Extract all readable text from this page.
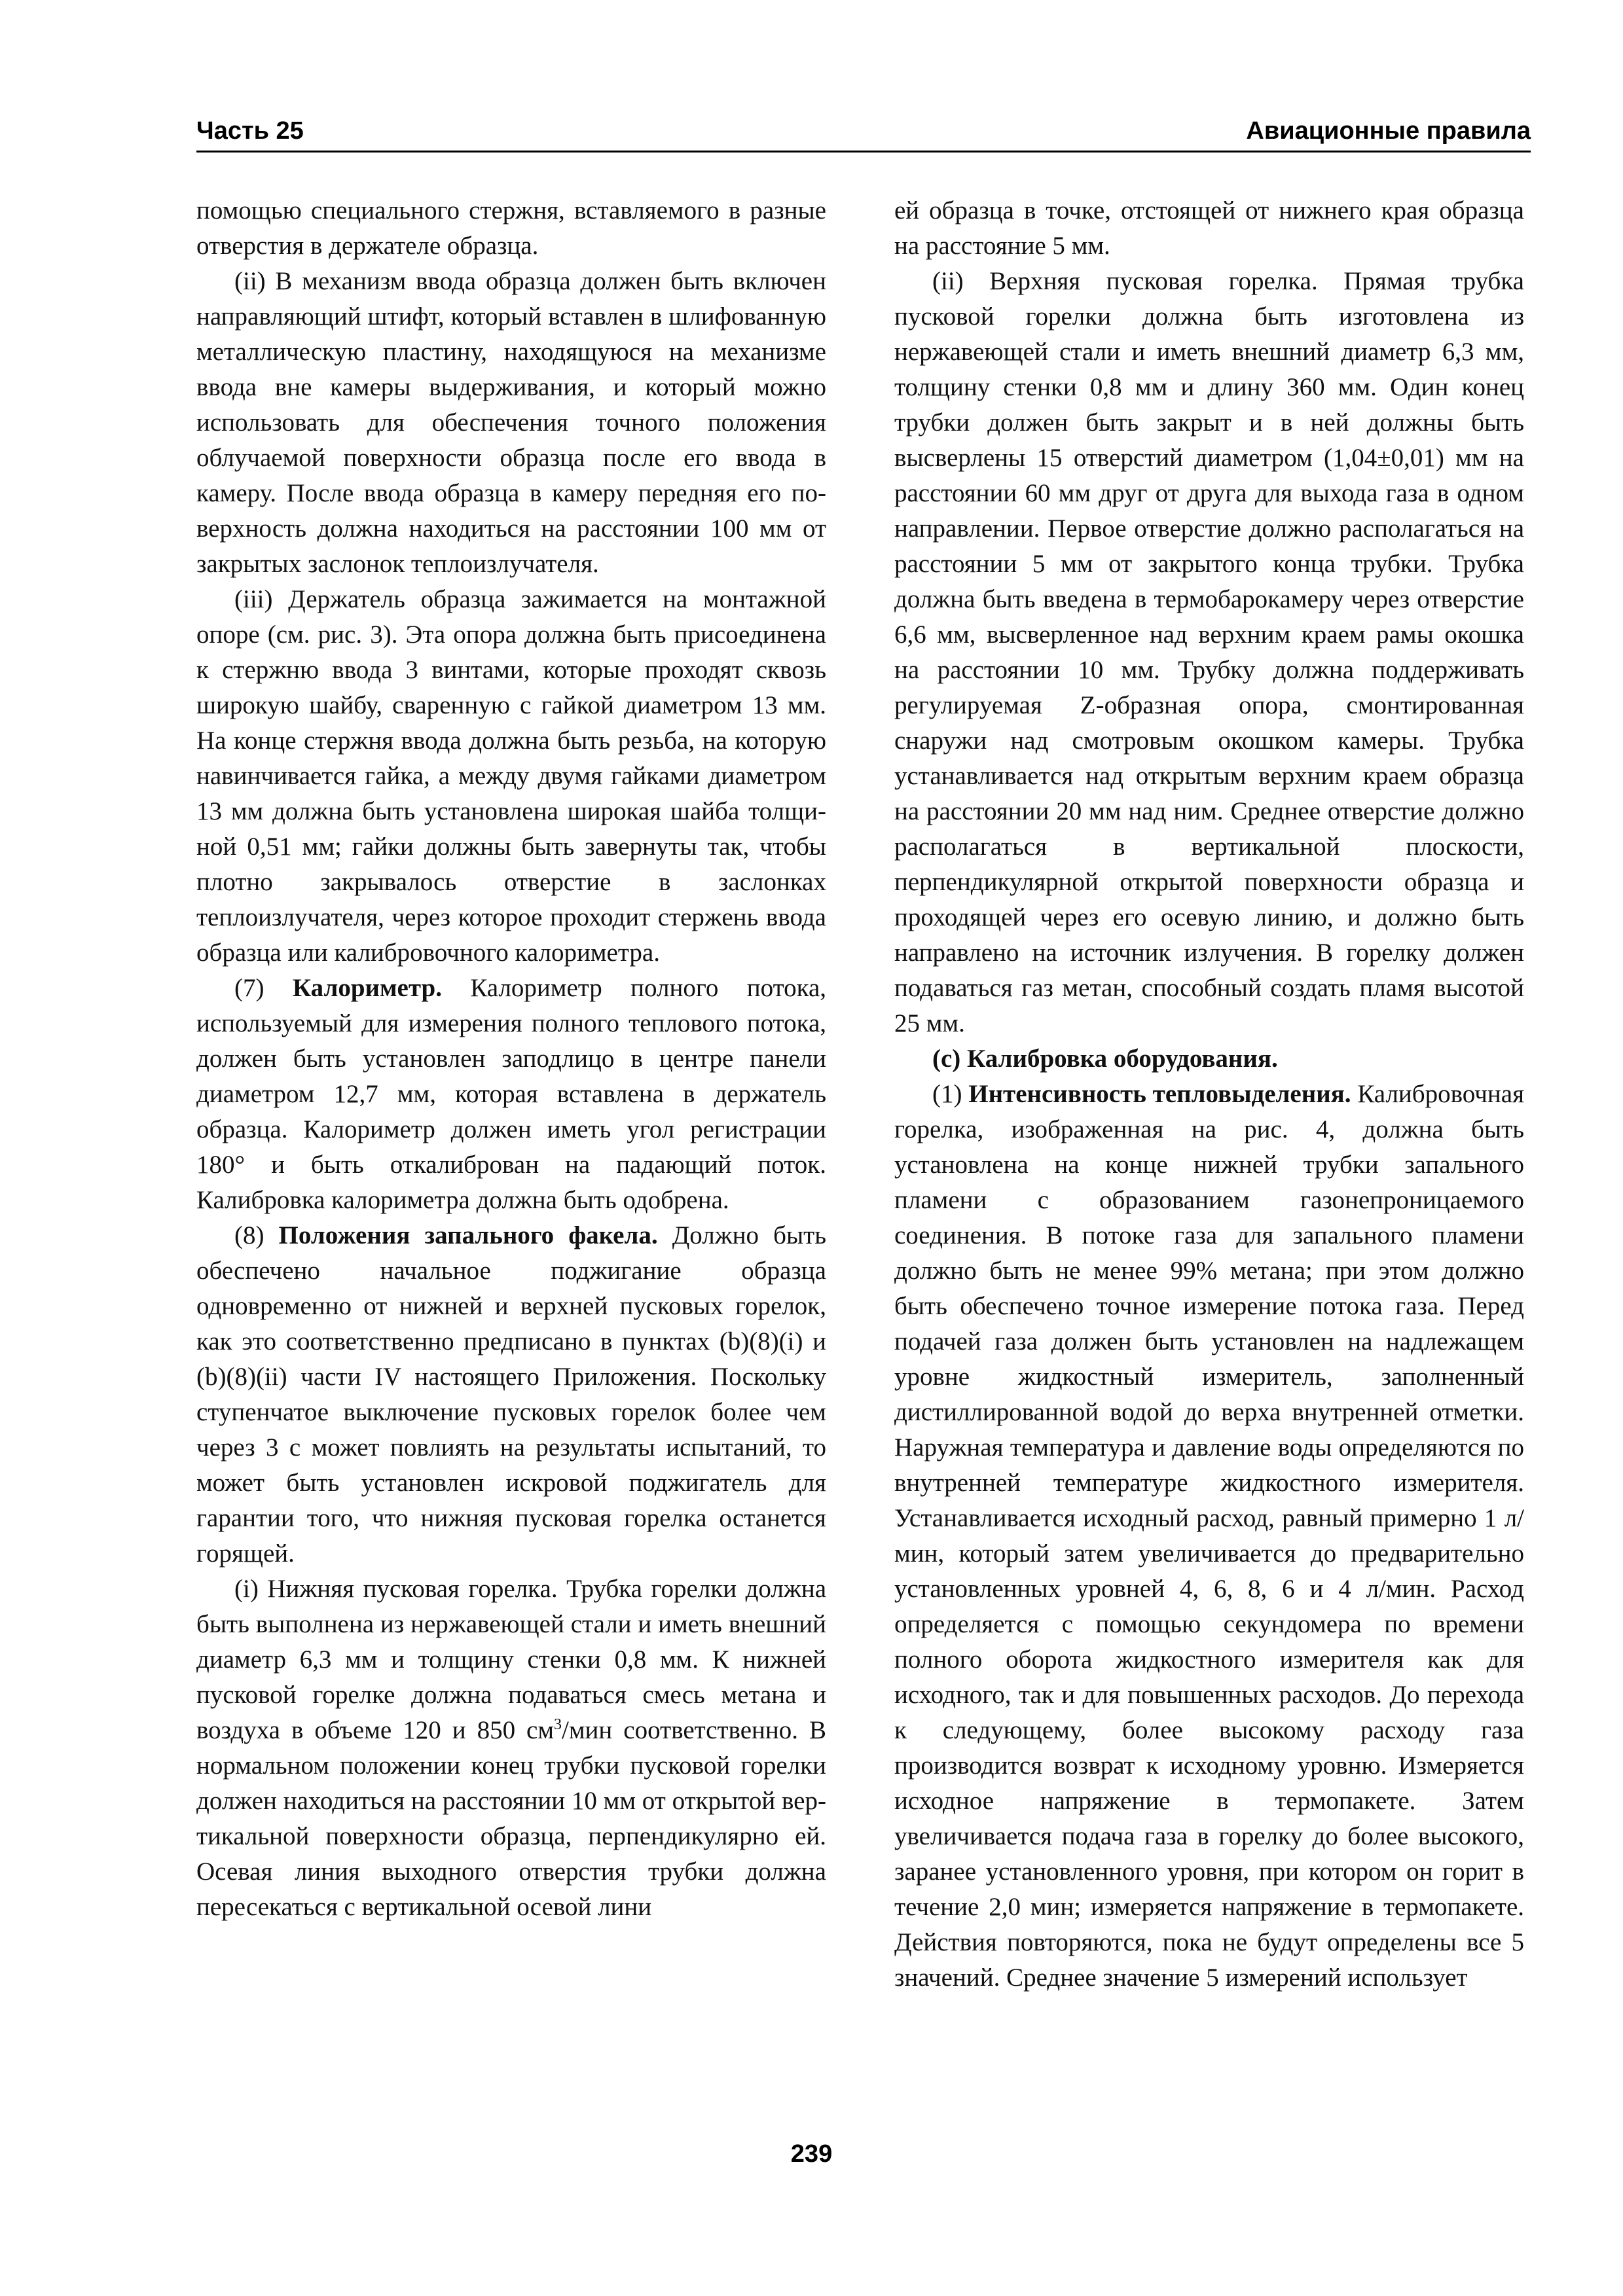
Часть 25	Авиационные правила

помощью специального стержня, вставляемого в разные отверстия в держателе образца.

(ii) В механизм ввода образца должен быть включен направляющий штифт, который вставлен в шлифованную металлическую пластину, находящуюся на механизме ввода вне камеры выдерживания, и который можно использовать для обеспечения точного положения облучаемой поверхности образца после его ввода в камеру. После ввода образца в камеру передняя его поверхность должна находиться на расстоянии 100 мм от закрытых заслонок теплоизлучателя.

(iii) Держатель образца зажимается на монтажной опоре (см. рис. 3). Эта опора должна быть присоединена к стержню ввода 3 винтами, которые проходят сквозь широкую шайбу, сваренную с гайкой диаметром 13 мм. На конце стержня ввода должна быть резьба, на которую навинчивается гайка, а между двумя гайками диаметром 13 мм должна быть установлена широкая шайба толщиной 0,51 мм; гайки должны быть завернуты так, чтобы плотно закрывалось отверстие в заслонках теплоизлучателя, через которое проходит стержень ввода образца или калибровочного калориметра.

(7) Калориметр. Калориметр полного потока, используемый для измерения полного теплового потока, должен быть установлен заподлицо в центре панели диаметром 12,7 мм, которая вставлена в держатель образца. Калориметр должен иметь угол регистрации 180° и быть откалиброван на падающий поток. Калибровка калориметра должна быть одобрена.

(8) Положения запального факела. Должно быть обеспечено начальное поджигание образца одновременно от нижней и верхней пусковых горелок, как это соответственно предписано в пунктах (b)(8)(i) и (b)(8)(ii) части IV настоящего Приложения. Поскольку ступенчатое выключение пусковых горелок более чем через 3 с может повлиять на результаты испытаний, то может быть установлен искровой поджигатель для гарантии того, что нижняя пусковая горелка останется горящей.

(i) Нижняя пусковая горелка. Трубка горелки должна быть выполнена из нержавеющей стали и иметь внешний диаметр 6,3 мм и толщину стенки 0,8 мм. К нижней пусковой горелке должна подаваться смесь метана и воздуха в объеме 120 и 850 $см^3$/мин соответственно. В нормальном положении конец трубки пусковой горелки должен находиться на расстоянии 10 мм от открытой вертикальной поверхности образца, перпендикулярно ей. Осевая линия выходного отверстия трубки должна пересекаться с вертикальной осевой лини

ей образца в точке, отстоящей от нижнего края образца на расстояние 5 мм.

(ii) Верхняя пусковая горелка. Прямая трубка пусковой горелки должна быть изготовлена из нержавеющей стали и иметь внешний диаметр 6,3 мм, толщину стенки 0,8 мм и длину 360 мм. Один конец трубки должен быть закрыт и в ней должны быть высверлены 15 отверстий диаметром (1,04±0,01) мм на расстоянии 60 мм друг от друга для выхода газа в одном направлении. Первое отверстие должно располагаться на расстоянии 5 мм от закрытого конца трубки. Трубка должна быть введена в термобарокамеру через отверстие 6,6 мм, высверленное над верхним краем рамы окошка на расстоянии 10 мм. Трубку должна поддерживать регулируемая Z-образная опора, смонтированная снаружи над смотровым окошком камеры. Трубка устанавливается над открытым верхним краем образца на расстоянии 20 мм над ним. Среднее отверстие должно располагаться в вертикальной плоскости, перпендикулярной открытой поверхности образца и проходящей через его осевую линию, и должно быть направлено на источник излучения. В горелку должен подаваться газ метан, способный создать пламя высотой 25 мм.

(c) Калибровка оборудования.

(1) Интенсивность тепловыделения. Калибровочная горелка, изображенная на рис. 4, должна быть установлена на конце нижней трубки запального пламени с образованием газонепроницаемого соединения. В потоке газа для запального пламени должно быть не менее 99% метана; при этом должно быть обеспечено точное измерение потока газа. Перед подачей газа должен быть установлен на надлежащем уровне жидкостный измеритель, заполненный дистиллированной водой до верха внутренней отметки. Наружная температура и давление воды определяются по внутренней температуре жидкостного измерителя. Устанавливается исходный расход, равный примерно 1 л/мин, который затем увеличивается до предварительно установленных уровней 4, 6, 8, 6 и 4 л/мин. Расход определяется с помощью секундомера по времени полного оборота жидкостного измерителя как для исходного, так и для повышенных расходов. До перехода к следующему, более высокому расходу газа производится возврат к исходному уровню. Измеряется исходное напряжение в термопакете. Затем увеличивается подача газа в горелку до более высокого, заранее установленного уровня, при котором он горит в течение 2,0 мин; измеряется напряжение в термопакете. Действия повторяются, пока не будут определены все 5 значений. Среднее значение 5 измерений использует

239
